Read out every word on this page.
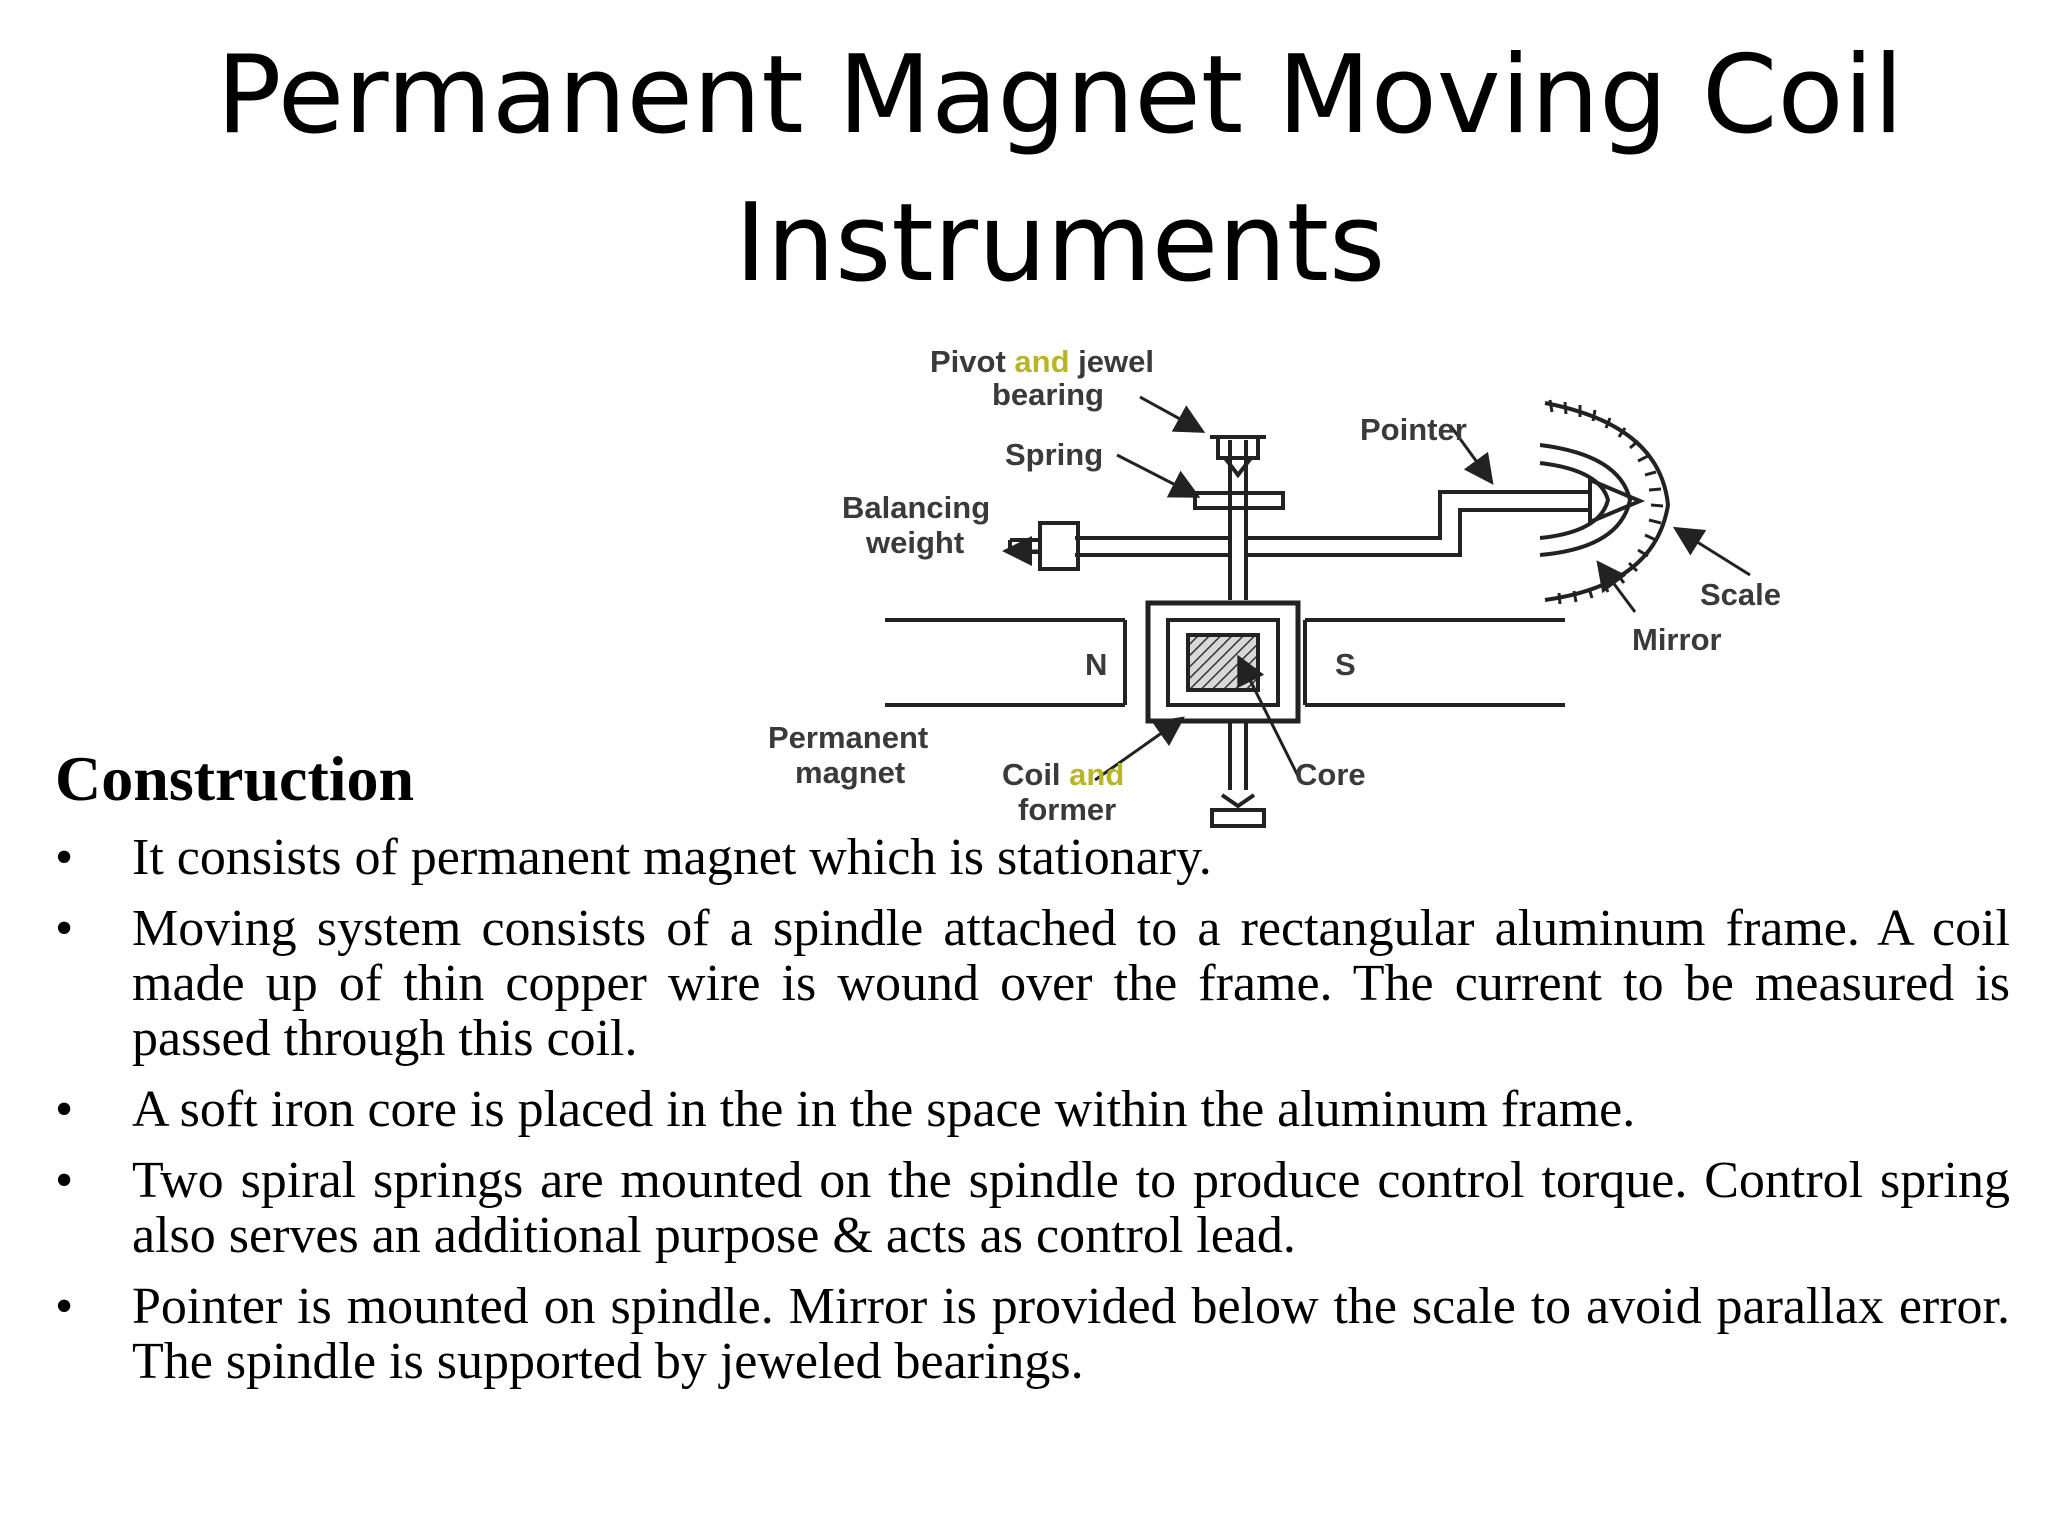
Permanent Magnet Moving Coil
Instruments
Pivot and jewel
bearing
Spring
Pointer
Balancing
weight
Scale
Mirror
N	S
Permanent
magnet	Coil and
former
Core
Construction
• It consists of permanent magnet which is stationary.
• Moving system consists of a spindle attached to a rectangular aluminum frame. A coil made up of thin copper wire is wound over the frame. The current to be measured is passed through this coil.
• A soft iron core is placed in the in the space within the aluminum frame.
• Two spiral springs are mounted on the spindle to produce control torque. Control spring also serves an additional purpose & acts as control lead.
• Pointer is mounted on spindle. Mirror is provided below the scale to avoid parallax error. The spindle is supported by jeweled bearings.
